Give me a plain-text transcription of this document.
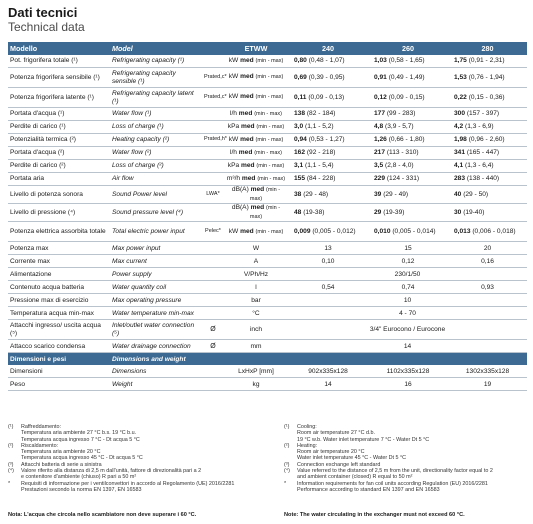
Dati tecnici
Technical data
Modello	Model		ETWW	240	260	280
Pot. frigorifera totale (¹)	Refrigerating capacity (¹)		kW med (min - max)	0,80 (0,48 - 1,07)	1,03 (0,58 - 1,65)	1,75 (0,91 - 2,31)
Potenza frigorifera sensibile (¹)	Refrigerating capacity sensible (¹)	Prated,c*	kW med (min - max)	0,69 (0,39 - 0,95)	0,91 (0,49 - 1,49)	1,53 (0,76 - 1,94)
Potenza frigorifera latente (¹)	Refrigerating capacity latent (¹)	Prated,c*	kW med (min - max)	0,11 (0,09 - 0,13)	0,12 (0,09 - 0,15)	0,22 (0,15 - 0,36)
Portata d'acqua (¹)	Water flow (¹)		l/h med (min - max)	138 (82 - 184)	177 (99 - 283)	300 (157 - 397)
Perdite di carico (¹)	Loss of charge (¹)		kPa med (min - max)	3,0 (1,1 - 5,2)	4,8 (3,9 - 5,7)	4,2 (1,3 - 6,9)
Potenzialità termica (²)	Heating capacity (²)	Prated,h*	kW med (min - max)	0,94 (0,53 - 1,27)	1,26 (0,66 - 1,80)	1,98 (0,96 - 2,60)
Portata d'acqua (²)	Water flow (²)		l/h med (min - max)	162 (92 - 218)	217 (113 - 310)	341 (165 - 447)
Perdite di carico (²)	Loss of charge (²)		kPa med (min - max)	3,1 (1,1 - 5,4)	3,5 (2,8 - 4,0)	4,1 (1,3 - 6,4)
Portata aria	Air flow		m³/h med (min - max)	155 (84 - 228)	229 (124 - 331)	283 (138 - 440)
Livello di potenza sonora	Sound Power level	LWA*	dB(A) med (min - max)	38 (29 - 48)	39 (29 - 49)	40 (29 - 50)
Livello di pressione (⁴)	Sound pressure level (⁴)		dB(A) med (min - max)	48 (19-38)	29 (19-39)	30 (19-40)
Potenza elettrica assorbita totale	Total electric power input	Pelec*	kW med (min - max)	0,009 (0,005 - 0,012)	0,010 (0,005 - 0,014)	0,013 (0,006 - 0,018)
Potenza max	Max power input		W	13	15	20
Corrente max	Max current		A	0,10	0,12	0,16
Alimentazione	Power supply		V/Ph/Hz	230/1/50		
Contenuto acqua batteria	Water quantity coil		l	0,54	0,74	0,93
Pressione max di esercizio	Max operating pressure		bar	10		
Temperatura acqua min-max	Water temperature min-max		°C	4 - 70		
Attacchi ingresso/ uscita acqua (⁵)	Inlet/outlet water connection (⁵)	Ø	inch	3/4" Eurocono / Eurocone		
Attacco scarico condensa	Water drainage connection	Ø	mm	14		
Dimensioni e pesi	Dimensions and weight					
Dimensioni	Dimensions		LxHxP [mm]	902x335x128	1102x335x128	1302x335x128
Peso	Weight		kg	14	16	19
(¹)	Raffreddamento:
Temperatura aria ambiente 27 °C b.s. 19 °C b.u.
Temperatura acqua ingresso 7 °C - Dt acqua 5 °C
(²)	Riscaldamento:
Temperatura aria ambiente 20 °C
Temperatura acqua ingresso 45 °C - Dt acqua 5 °C
(³)	Attacchi batteria di serie a sinistra
(⁴)	Valore riferito alla distanza di 2,5 m dall'unità, fattore di direzionalità pari a 2
e contenitore d'ambiente (chiuso) R pari a 50 m²
*	Requisiti di informazione per i ventilconvettori in accordo al Regolamento (UE) 2016/2281
Prestazioni secondo la norma EN 1397, EN 16583
(¹)	Cooling:
Room air temperature 27 °C d.b.
19 °C w.b. Water inlet temperature 7 °C - Water Dt 5 °C
(²)	Heating:
Room air temperature 20 °C
Water inlet temperature 45 °C - Water Dt 5 °C
(³)	Connection exchange left standard
(⁴)	Value referred to the distance of 2,5 m from the unit, directionality factor equal to 2
and ambient container (closed) R equal to 50 m²
*	Information requirements for fan coil units according Regulation (EU) 2016/2281
Performance according to standard EN 1397 and EN 16583
Nota: L'acqua che circola nello scambiatore non deve superare i 60 °C.	Note: The water circulating in the exchanger must not exceed 60 °C.
